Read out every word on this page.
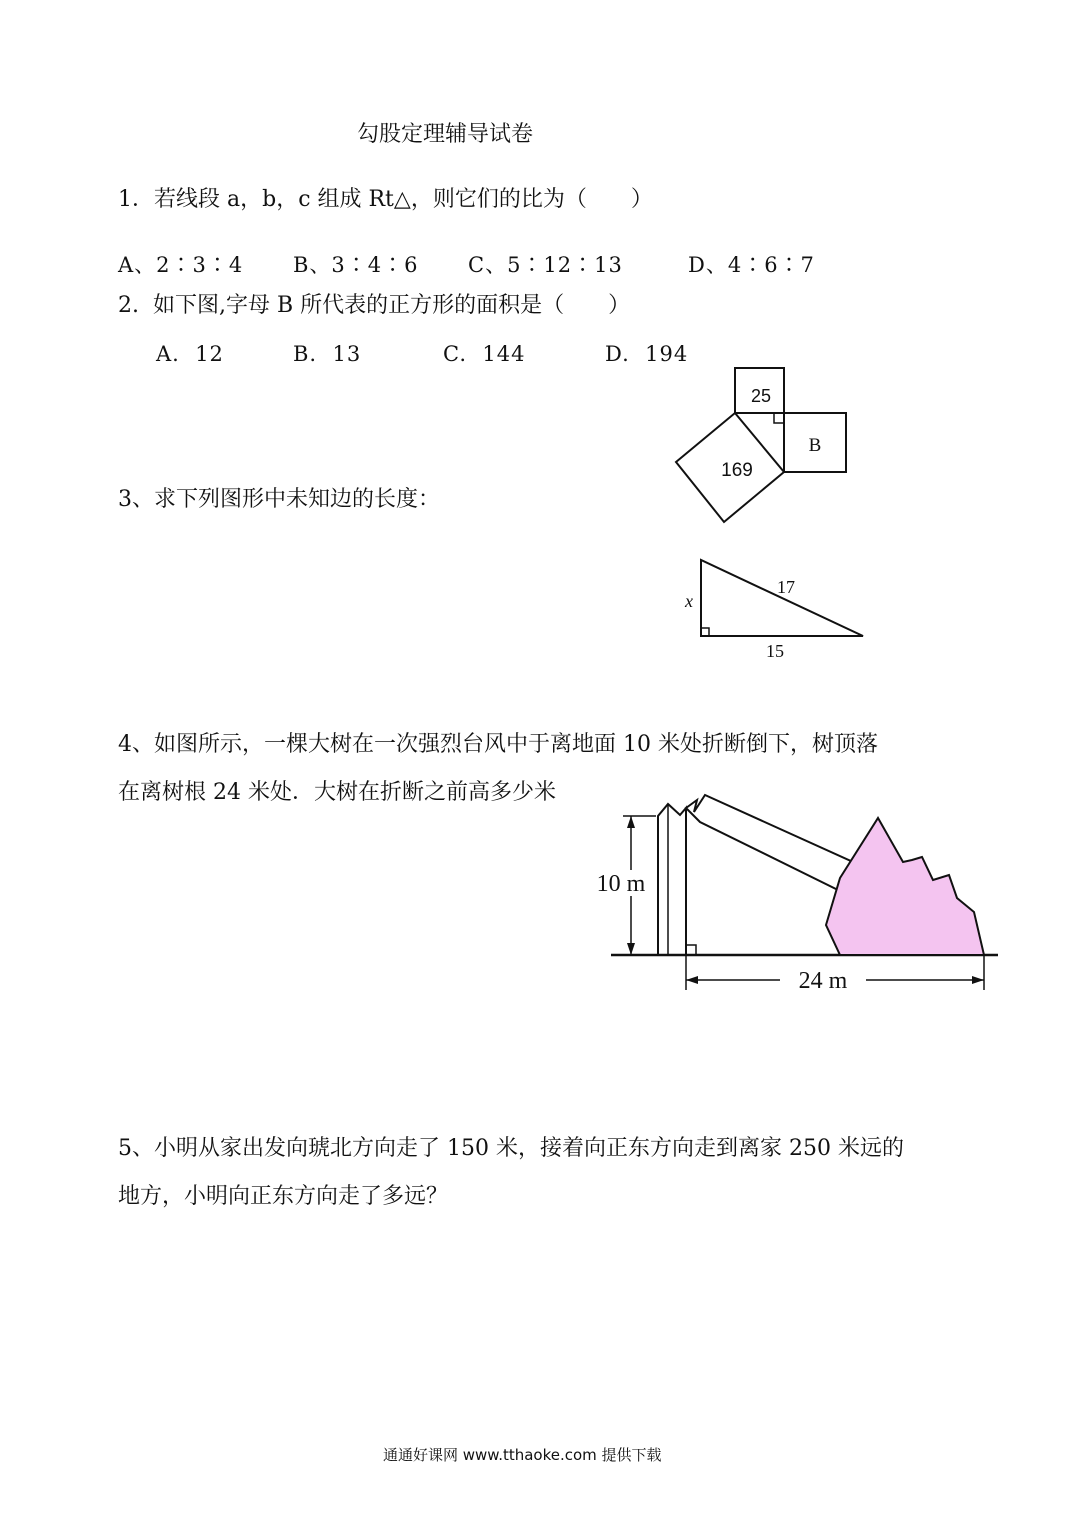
勾股定理辅导试卷
1．若线段 a，b，c 组成 Rt△，则它们的比为（　　）
A、2∶3∶4 B、3∶4∶6 C、5∶12∶13	D、4∶6∶7
2.  如下图,字母 B 所代表的正方形的面积是（　　）
A.  12	B.  13	C.  144	D.  194
3、求下列图形中未知边的长度：
4、如图所示，一棵大树在一次强烈台风中于离地面 10 米处折断倒下，树顶落
在离树根 24 米处．大树在折断之前高多少米
5、小明从家出发向琥北方向走了 150 米，接着向正东方向走到离家 250 米远的
地方，小明向正东方向走了多远？
通通好课网 www.tthaoke.com 提供下载
25
169
B
x
17
15
10 m
24 m
